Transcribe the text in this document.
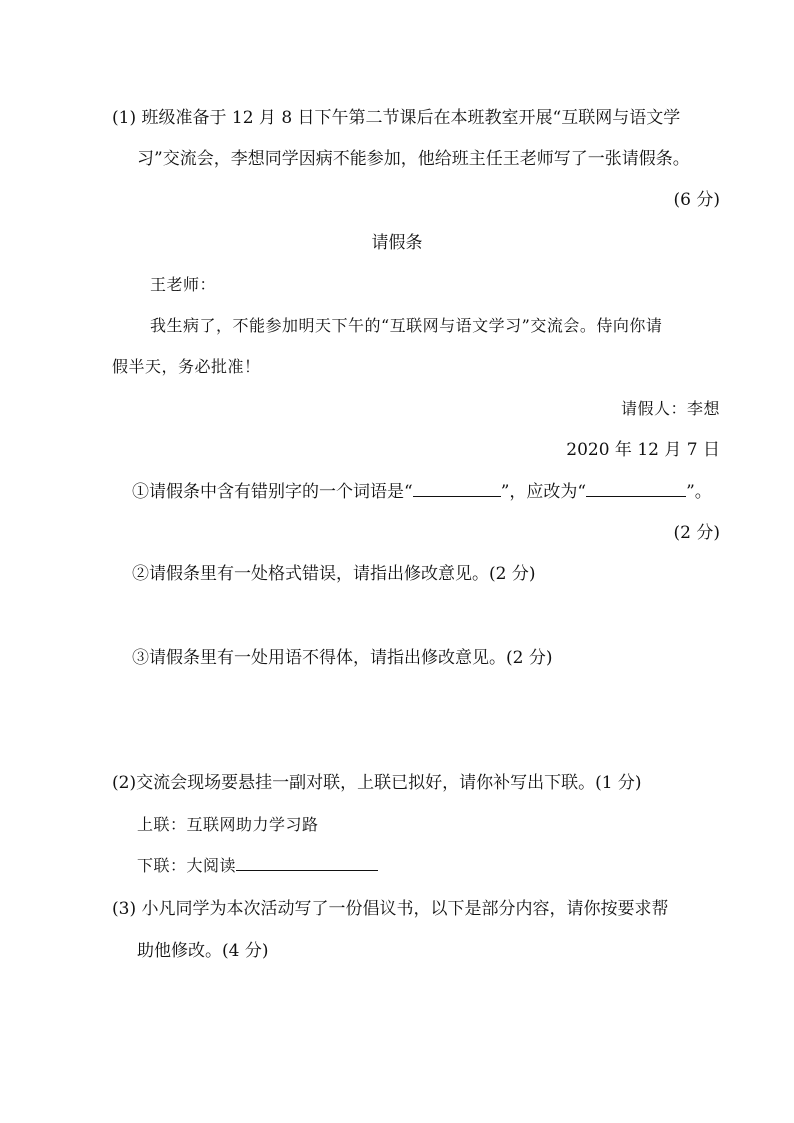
(1) 班级准备于 12 月 8 日下午第二节课后在本班教室开展“互联网与语文学
习”交流会，李想同学因病不能参加，他给班主任王老师写了一张请假条。
(6 分)
请假条
王老师：
我生病了，不能参加明天下午的“互联网与语文学习”交流会。侍向你请
假半天，务必批准！
请假人：李想
2020 年 12 月 7 日
①请假条中含有错别字的一个词语是“	”，应改为“	”。
(2 分)
②请假条里有一处格式错误，请指出修改意见。(2 分)
③请假条里有一处用语不得体，请指出修改意见。(2 分)
(2)交流会现场要悬挂一副对联，上联已拟好，请你补写出下联。(1 分)
上联：互联网助力学习路
下联：大阅读
(3) 小凡同学为本次活动写了一份倡议书，以下是部分内容，请你按要求帮
助他修改。(4 分)
